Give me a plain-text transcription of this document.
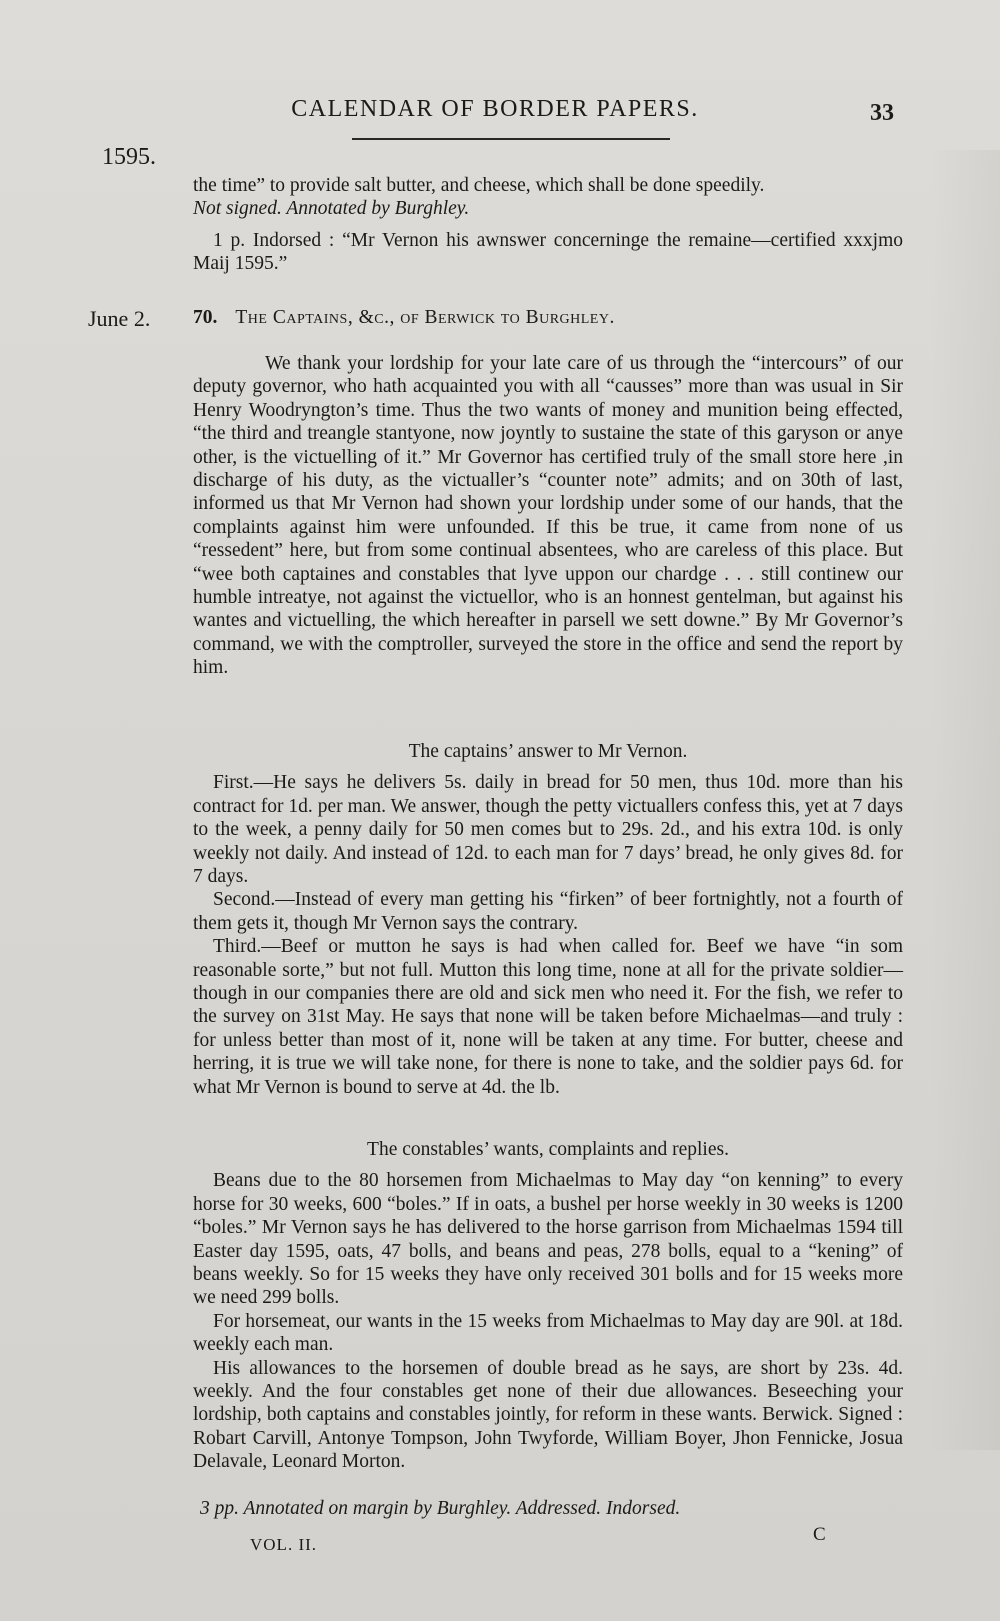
CALENDAR OF BORDER PAPERS.	33
1595.
June 2.

the time” to provide salt butter, and cheese, which shall be done speedily.

Not signed. Annotated by Burghley.

1 p. Indorsed : “Mr Vernon his awnswer concerninge the remaine—certified xxxjmo Maij 1595.”

70. The Captains, &c., of Berwick to Burghley.

We thank your lordship for your late care of us through the “intercours” of our deputy governor, who hath acquainted you with all “causses” more than was usual in Sir Henry Woodryngton’s time. Thus the two wants of money and munition being effected, “the third and treangle stantyone, now joyntly to sustaine the state of this garyson or anye other, is the victuelling of it.” Mr Governor has certified truly of the small store here ,in discharge of his duty, as the victualler’s “counter note” admits; and on 30th of last, informed us that Mr Vernon had shown your lordship under some of our hands, that the complaints against him were unfounded. If this be true, it came from none of us “ressedent” here, but from some continual absentees, who are careless of this place. But “wee both captaines and constables that lyve uppon our chardge . . . still continew our humble intreatye, not against the victuellor, who is an honnest gentelman, but against his wantes and victuelling, the which hereafter in parsell we sett downe.” By Mr Governor’s command, we with the comptroller, surveyed the store in the office and send the report by him.

The captains’ answer to Mr Vernon.

First.—He says he delivers 5s. daily in bread for 50 men, thus 10d. more than his contract for 1d. per man. We answer, though the petty victuallers confess this, yet at 7 days to the week, a penny daily for 50 men comes but to 29s. 2d., and his extra 10d. is only weekly not daily. And instead of 12d. to each man for 7 days’ bread, he only gives 8d. for 7 days.

Second.—Instead of every man getting his “firken” of beer fortnightly, not a fourth of them gets it, though Mr Vernon says the contrary.

Third.—Beef or mutton he says is had when called for. Beef we have “in som reasonable sorte,” but not full. Mutton this long time, none at all for the private soldier—though in our companies there are old and sick men who need it. For the fish, we refer to the survey on 31st May. He says that none will be taken before Michaelmas—and truly : for unless better than most of it, none will be taken at any time. For butter, cheese and herring, it is true we will take none, for there is none to take, and the soldier pays 6d. for what Mr Vernon is bound to serve at 4d. the lb.

The constables’ wants, complaints and replies.

Beans due to the 80 horsemen from Michaelmas to May day “on kenning” to every horse for 30 weeks, 600 “boles.” If in oats, a bushel per horse weekly in 30 weeks is 1200 “boles.” Mr Vernon says he has delivered to the horse garrison from Michaelmas 1594 till Easter day 1595, oats, 47 bolls, and beans and peas, 278 bolls, equal to a “kening” of beans weekly. So for 15 weeks they have only received 301 bolls and for 15 weeks more we need 299 bolls.

For horsemeat, our wants in the 15 weeks from Michaelmas to May day are 90l. at 18d. weekly each man.

His allowances to the horsemen of double bread as he says, are short by 23s. 4d. weekly. And the four constables get none of their due allowances. Beseeching your lordship, both captains and constables jointly, for reform in these wants. Berwick. Signed : Robart Carvill, Antonye Tompson, John Twyforde, William Boyer, Jhon Fennicke, Josua Delavale, Leonard Morton.

3 pp. Annotated on margin by Burghley. Addressed. Indorsed.
VOL. II.	C
